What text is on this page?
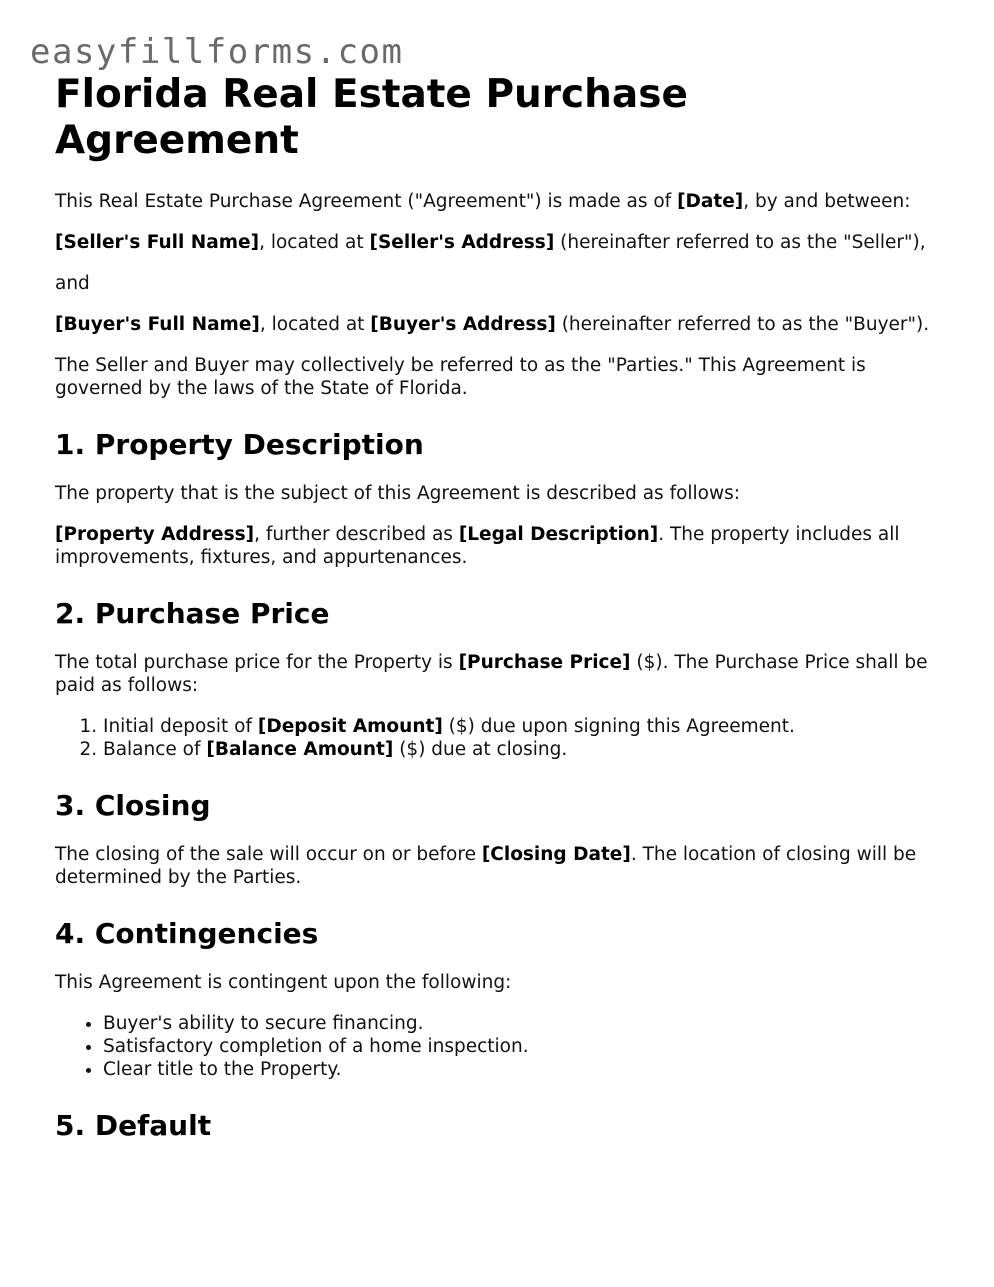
easyfillforms.com
Florida Real Estate Purchase Agreement

This Real Estate Purchase Agreement ("Agreement") is made as of [Date], by and between:

[Seller's Full Name], located at [Seller's Address] (hereinafter referred to as the "Seller"),

and

[Buyer's Full Name], located at [Buyer's Address] (hereinafter referred to as the "Buyer").

The Seller and Buyer may collectively be referred to as the "Parties." This Agreement is governed by the laws of the State of Florida.

1. Property Description

The property that is the subject of this Agreement is described as follows:

[Property Address], further described as [Legal Description]. The property includes all improvements, fixtures, and appurtenances.

2. Purchase Price

The total purchase price for the Property is [Purchase Price] ($). The Purchase Price shall be paid as follows:

1. Initial deposit of [Deposit Amount] ($) due upon signing this Agreement.
2. Balance of [Balance Amount] ($) due at closing.
3. Closing

The closing of the sale will occur on or before [Closing Date]. The location of closing will be determined by the Parties.

4. Contingencies

This Agreement is contingent upon the following:

• Buyer's ability to secure financing.
• Satisfactory completion of a home inspection.
• Clear title to the Property.
5. Default
